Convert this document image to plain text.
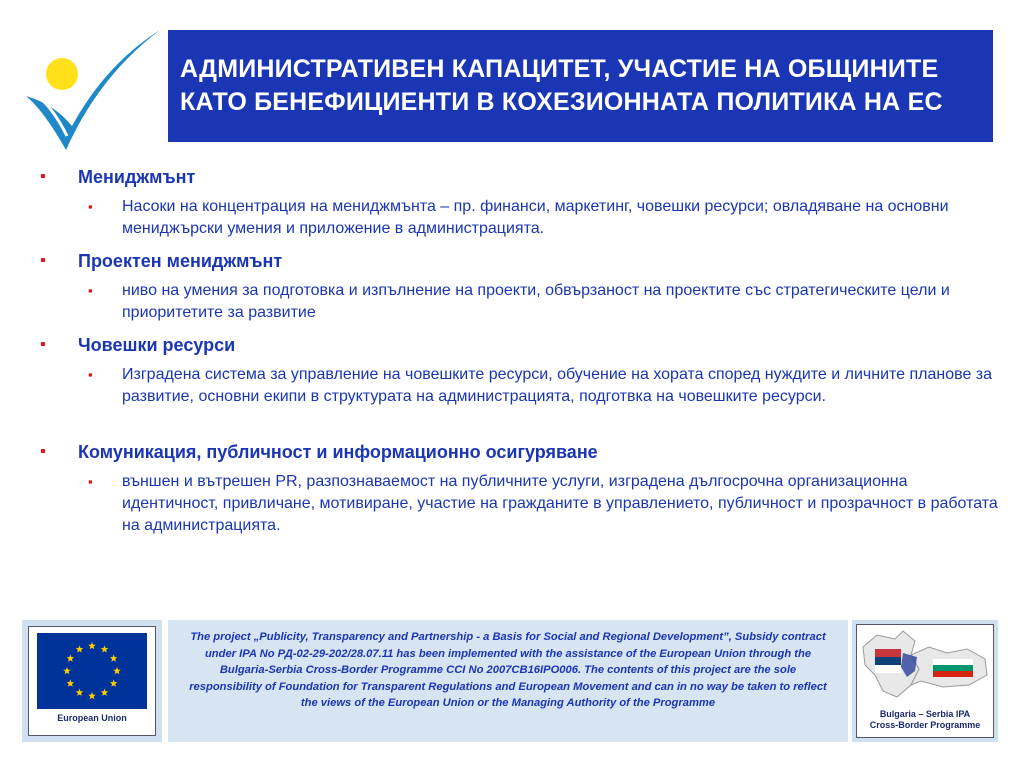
АДМИНИСТРАТИВЕН КАПАЦИТЕТ, УЧАСТИЕ НА ОБЩИНИТЕ КАТО БЕНЕФИЦИЕНТИ В КОХЕЗИОННАТА ПОЛИТИКА НА ЕС
▪ Мениджмънт
▪ Насоки на концентрация на мениджмънта – пр. финанси, маркетинг, човешки ресурси; овладяване на основни мениджърски умения и приложение в администрацията.
▪ Проектен мениджмънт
▪ ниво на умения за подготовка и изпълнение на проекти, обвързаност на проектите със стратегическите цели и приоритетите за развитие
▪ Човешки ресурси
▪ Изградена система за управление на човешките ресурси, обучение на хората според нуждите и личните планове за развитие, основни екипи в структурата на администрацията, подготвка на човешките ресурси.
▪ Комуникация, публичност и информационно осигуряване
▪ външен и вътрешен PR, разпознаваемост на публичните услуги, изградена дългосрочна организационна идентичност, привличане, мотивиране, участие на гражданите в управлението, публичност и прозрачност в работата на администрацията.
European Union
The project „Publicity, Transparency and Partnership - a Basis for Social and Regional Development”, Subsidy contract under IPA No РД-02-29-202/28.07.11 has been implemented with the assistance of the European Union through the Bulgaria-Serbia Cross-Border Programme CCI No 2007CB16IPO006. The contents of this project are the sole responsibility of Foundation for Transparent Regulations and European Movement and can in no way be taken to reflect the views of the European Union or the Managing Authority of the Programme
Bulgaria – Serbia IPA
Cross-Border Programme
